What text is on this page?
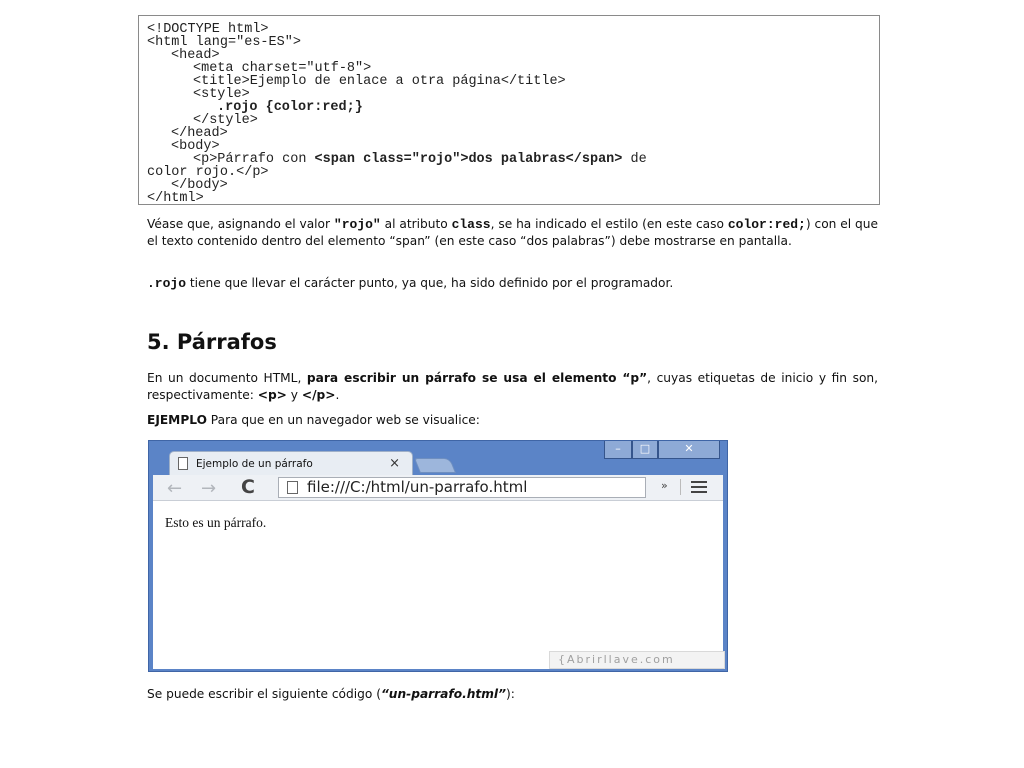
<!DOCTYPE html>
<html lang="es-ES">
<head>
<meta charset="utf-8">
<title>Ejemplo de enlace a otra página</title>
<style>
.rojo {color:red;}
</style>
</head>
<body>
<p>Párrafo con <span class="rojo">dos palabras</span> de
color rojo.</p>
</body>
</html>
Véase que, asignando el valor "rojo" al atributo class, se ha indicado el estilo (en este caso color:red;) con el que el texto contenido dentro del elemento “span” (en este caso “dos palabras”) debe mostrarse en pantalla.
.rojo tiene que llevar el carácter punto, ya que, ha sido definido por el programador.
5. Párrafos
En un documento HTML, para escribir un párrafo se usa el elemento “p”, cuyas etiquetas de inicio y fin son, respectivamente: <p> y </p>.
EJEMPLO Para que en un navegador web se visualice:
–	□	✕
Ejemplo de un párrafo	×
← → C	file:///C:/html/un-parrafo.html	»
Esto es un párrafo.
{Abrirllave.com
Se puede escribir el siguiente código (“un-parrafo.html”):
